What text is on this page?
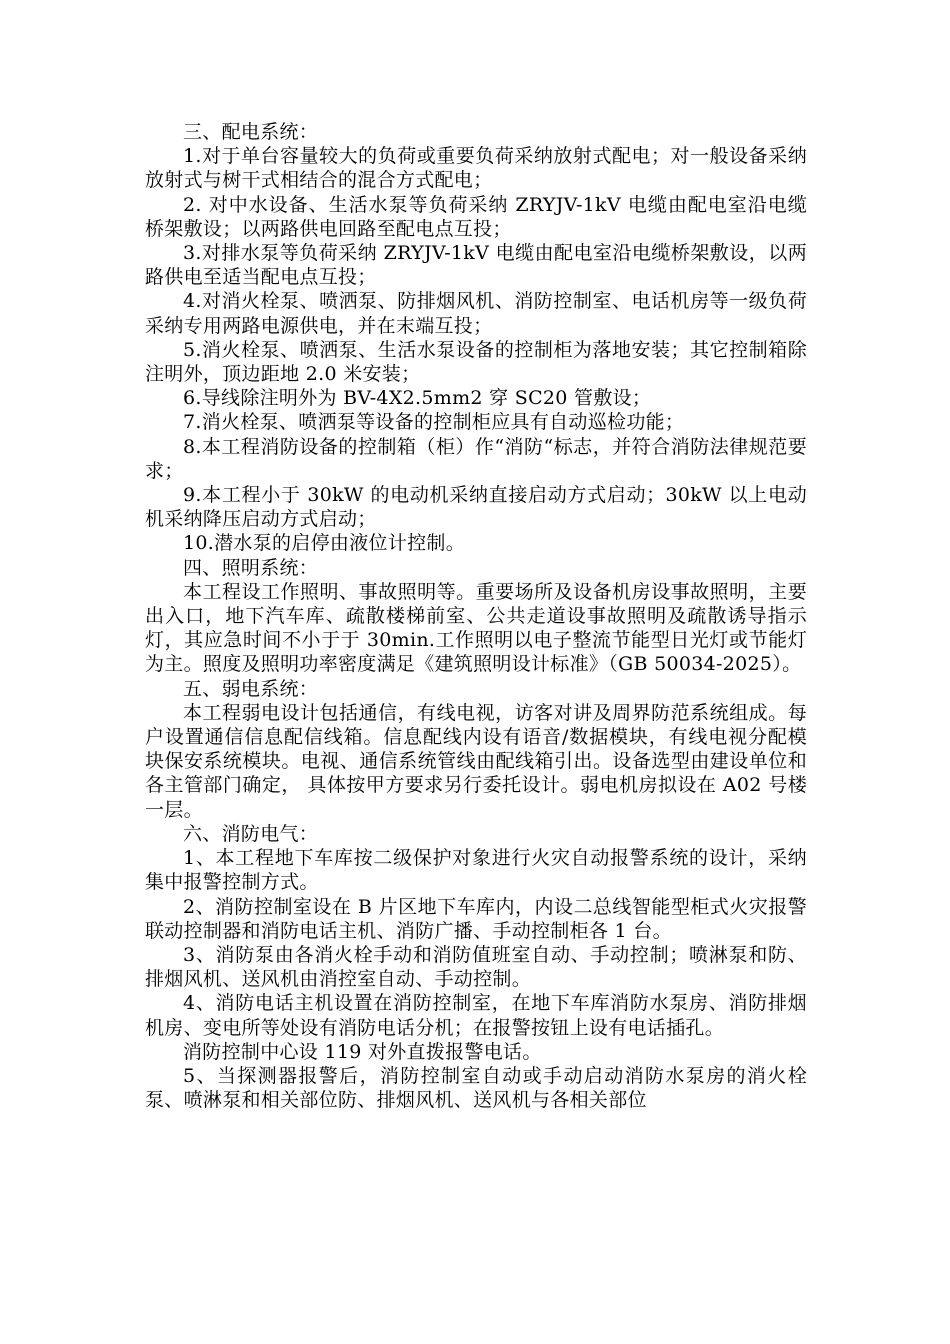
三、配电系统：

1.对于单台容量较大的负荷或重要负荷采纳放射式配电；对一般设备采纳放射式与树干式相结合的混合方式配电；

2. 对中水设备、生活水泵等负荷采纳 ZRYJV-1kV 电缆由配电室沿电缆桥架敷设；以两路供电回路至配电点互投；

3.对排水泵等负荷采纳 ZRYJV-1kV 电缆由配电室沿电缆桥架敷设，以两路供电至适当配电点互投；

4.对消火栓泵、喷洒泵、防排烟风机、消防控制室、电话机房等一级负荷采纳专用两路电源供电，并在末端互投；

5.消火栓泵、喷洒泵、生活水泵设备的控制柜为落地安装；其它控制箱除注明外，顶边距地 2.0 米安装；

6.导线除注明外为 BV-4X2.5mm2 穿 SC20 管敷设；

7.消火栓泵、喷洒泵等设备的控制柜应具有自动巡检功能；

8.本工程消防设备的控制箱（柜）作“消防“标志，并符合消防法律规范要求；

9.本工程小于 30kW 的电动机采纳直接启动方式启动；30kW 以上电动机采纳降压启动方式启动；

10.潜水泵的启停由液位计控制。

四、照明系统：

本工程设工作照明、事故照明等。重要场所及设备机房设事故照明，主要出入口，地下汽车库、疏散楼梯前室、公共走道设事故照明及疏散诱导指示灯，其应急时间不小于于 30min.工作照明以电子整流节能型日光灯或节能灯为主。照度及照明功率密度满足《建筑照明设计标准》（GB 50034-2025）。

五、弱电系统：

本工程弱电设计包括通信，有线电视，访客对讲及周界防范系统组成。每户设置通信信息配信线箱。信息配线内设有语音/数据模块，有线电视分配模块保安系统模块。电视、通信系统管线由配线箱引出。设备选型由建设单位和各主管部门确定， 具体按甲方要求另行委托设计。弱电机房拟设在 A02 号楼一层。

六、消防电气：

1、本工程地下车库按二级保护对象进行火灾自动报警系统的设计，采纳集中报警控制方式。

2、消防控制室设在 B 片区地下车库内，内设二总线智能型柜式火灾报警联动控制器和消防电话主机、消防广播、手动控制柜各 1 台。

3、消防泵由各消火栓手动和消防值班室自动、手动控制；喷淋泵和防、排烟风机、送风机由消控室自动、手动控制。

4、消防电话主机设置在消防控制室，在地下车库消防水泵房、消防排烟机房、变电所等处设有消防电话分机；在报警按钮上设有电话插孔。

消防控制中心设 119 对外直拨报警电话。

5、当探测器报警后，消防控制室自动或手动启动消防水泵房的消火栓泵、喷淋泵和相关部位防、排烟风机、送风机与各相关部位
